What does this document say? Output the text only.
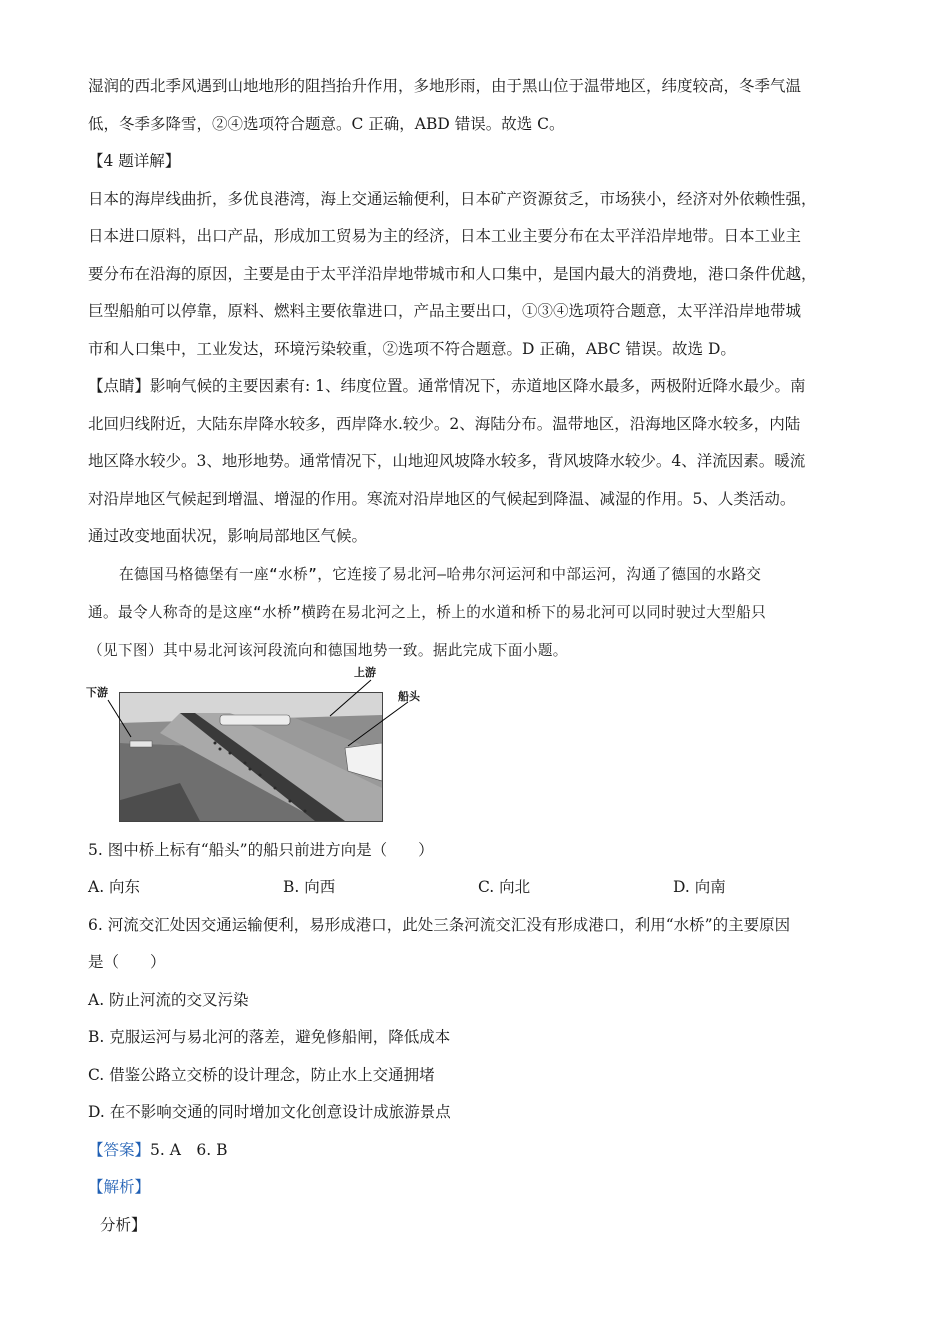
湿润的西北季风遇到山地地形的阻挡抬升作用，多地形雨，由于黑山位于温带地区，纬度较高，冬季气温

低，冬季多降雪，②④选项符合题意。C 正确，ABD 错误。故选 C。

【4 题详解】

日本的海岸线曲折，多优良港湾，海上交通运输便利，日本矿产资源贫乏，市场狭小，经济对外依赖性强，

日本进口原料，出口产品，形成加工贸易为主的经济，日本工业主要分布在太平洋沿岸地带。日本工业主

要分布在沿海的原因，主要是由于太平洋沿岸地带城市和人口集中，是国内最大的消费地，港口条件优越，

巨型船舶可以停靠，原料、燃料主要依靠进口，产品主要出口，①③④选项符合题意，太平洋沿岸地带城

市和人口集中，工业发达，环境污染较重，②选项不符合题意。D 正确，ABC 错误。故选 D。

【点睛】影响气候的主要因素有: 1、纬度位置。通常情况下，赤道地区降水最多，两极附近降水最少。南

北回归线附近，大陆东岸降水较多，西岸降水.较少。2、海陆分布。温带地区，沿海地区降水较多，内陆

地区降水较少。3、地形地势。通常情况下，山地迎风坡降水较多，背风坡降水较少。4、洋流因素。暖流

对沿岸地区气候起到增温、增湿的作用。寒流对沿岸地区的气候起到降温、减湿的作用。5、人类活动。

通过改变地面状况，影响局部地区气候。

在德国马格德堡有一座“水桥”，它连接了易北河—哈弗尔河运河和中部运河，沟通了德国的水路交

通。最令人称奇的是这座“水桥”横跨在易北河之上，桥上的水道和桥下的易北河可以同时驶过大型船只

（见下图）其中易北河该河段流向和德国地势一致。据此完成下面小题。

下游
上游
船头

5. 图中桥上标有“船头”的船只前进方向是（　　）

A. 向东	B. 向西	C. 向北	D. 向南

6. 河流交汇处因交通运输便利，易形成港口，此处三条河流交汇没有形成港口，利用“水桥”的主要原因

是（　　）

A. 防止河流的交叉污染

B. 克服运河与易北河的落差，避免修船闸，降低成本

C. 借鉴公路立交桥的设计理念，防止水上交通拥堵

D. 在不影响交通的同时增加文化创意设计成旅游景点

【答案】5. A　6. B

【解析】

分析】
